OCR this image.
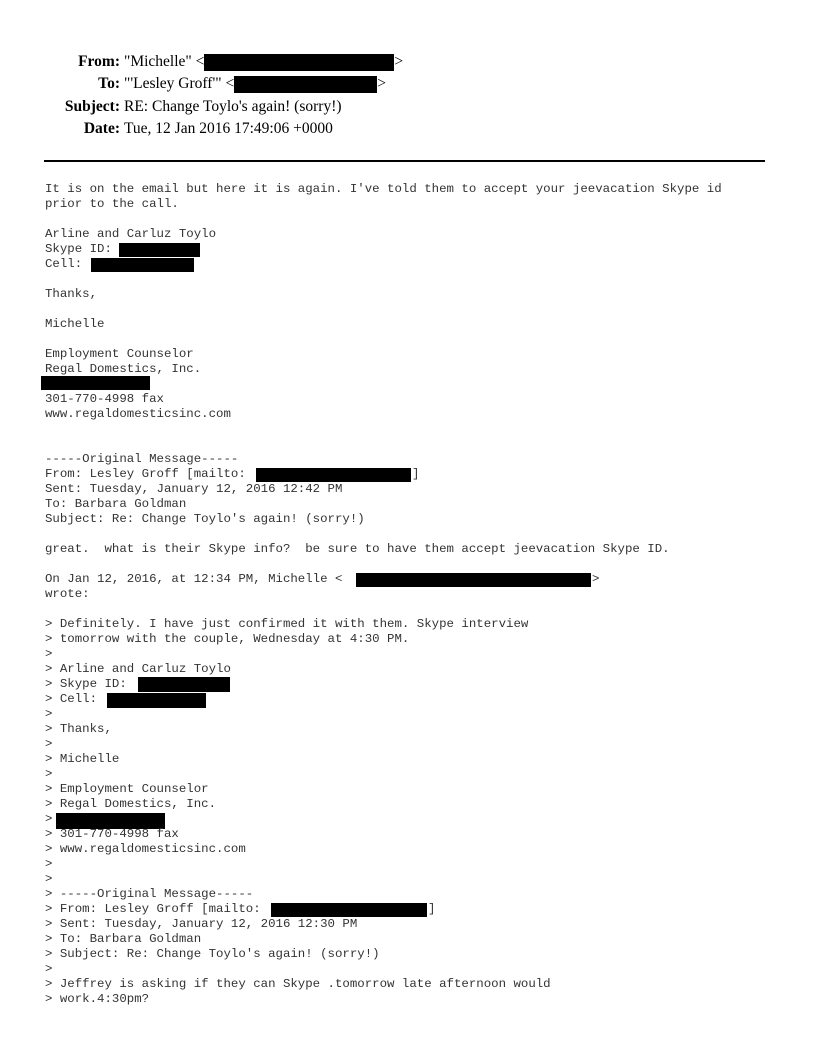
From: "Michelle" <	>
To: "'Lesley Groff'" <	>
Subject: RE: Change Toylo's again! (sorry!)
Date: Tue, 12 Jan 2016 17:49:06 +0000
It is on the email but here it is again. I've told them to accept your jeevacation Skype id
prior to the call.
Arline and Carluz Toylo
Skype ID:
Cell:
Thanks,
Michelle
Employment Counselor
Regal Domestics, Inc.
301-770-4998 fax
www.regaldomesticsinc.com
-----Original Message-----
From: Lesley Groff [mailto:	]
Sent: Tuesday, January 12, 2016 12:42 PM
To: Barbara Goldman
Subject: Re: Change Toylo's again! (sorry!)
great.  what is their Skype info?  be sure to have them accept jeevacation Skype ID.
On Jan 12, 2016, at 12:34 PM, Michelle <	>
wrote:
> Definitely. I have just confirmed it with them. Skype interview
> tomorrow with the couple, Wednesday at 4:30 PM.
>
> Arline and Carluz Toylo
> Skype ID:
> Cell:
>
> Thanks,
>
> Michelle
>
> Employment Counselor
> Regal Domestics, Inc.
>
> 301-770-4998 fax
> www.regaldomesticsinc.com
>
>
> -----Original Message-----
> From: Lesley Groff [mailto:	]
> Sent: Tuesday, January 12, 2016 12:30 PM
> To: Barbara Goldman
> Subject: Re: Change Toylo's again! (sorry!)
>
> Jeffrey is asking if they can Skype .tomorrow late afternoon would
> work.4:30pm?
